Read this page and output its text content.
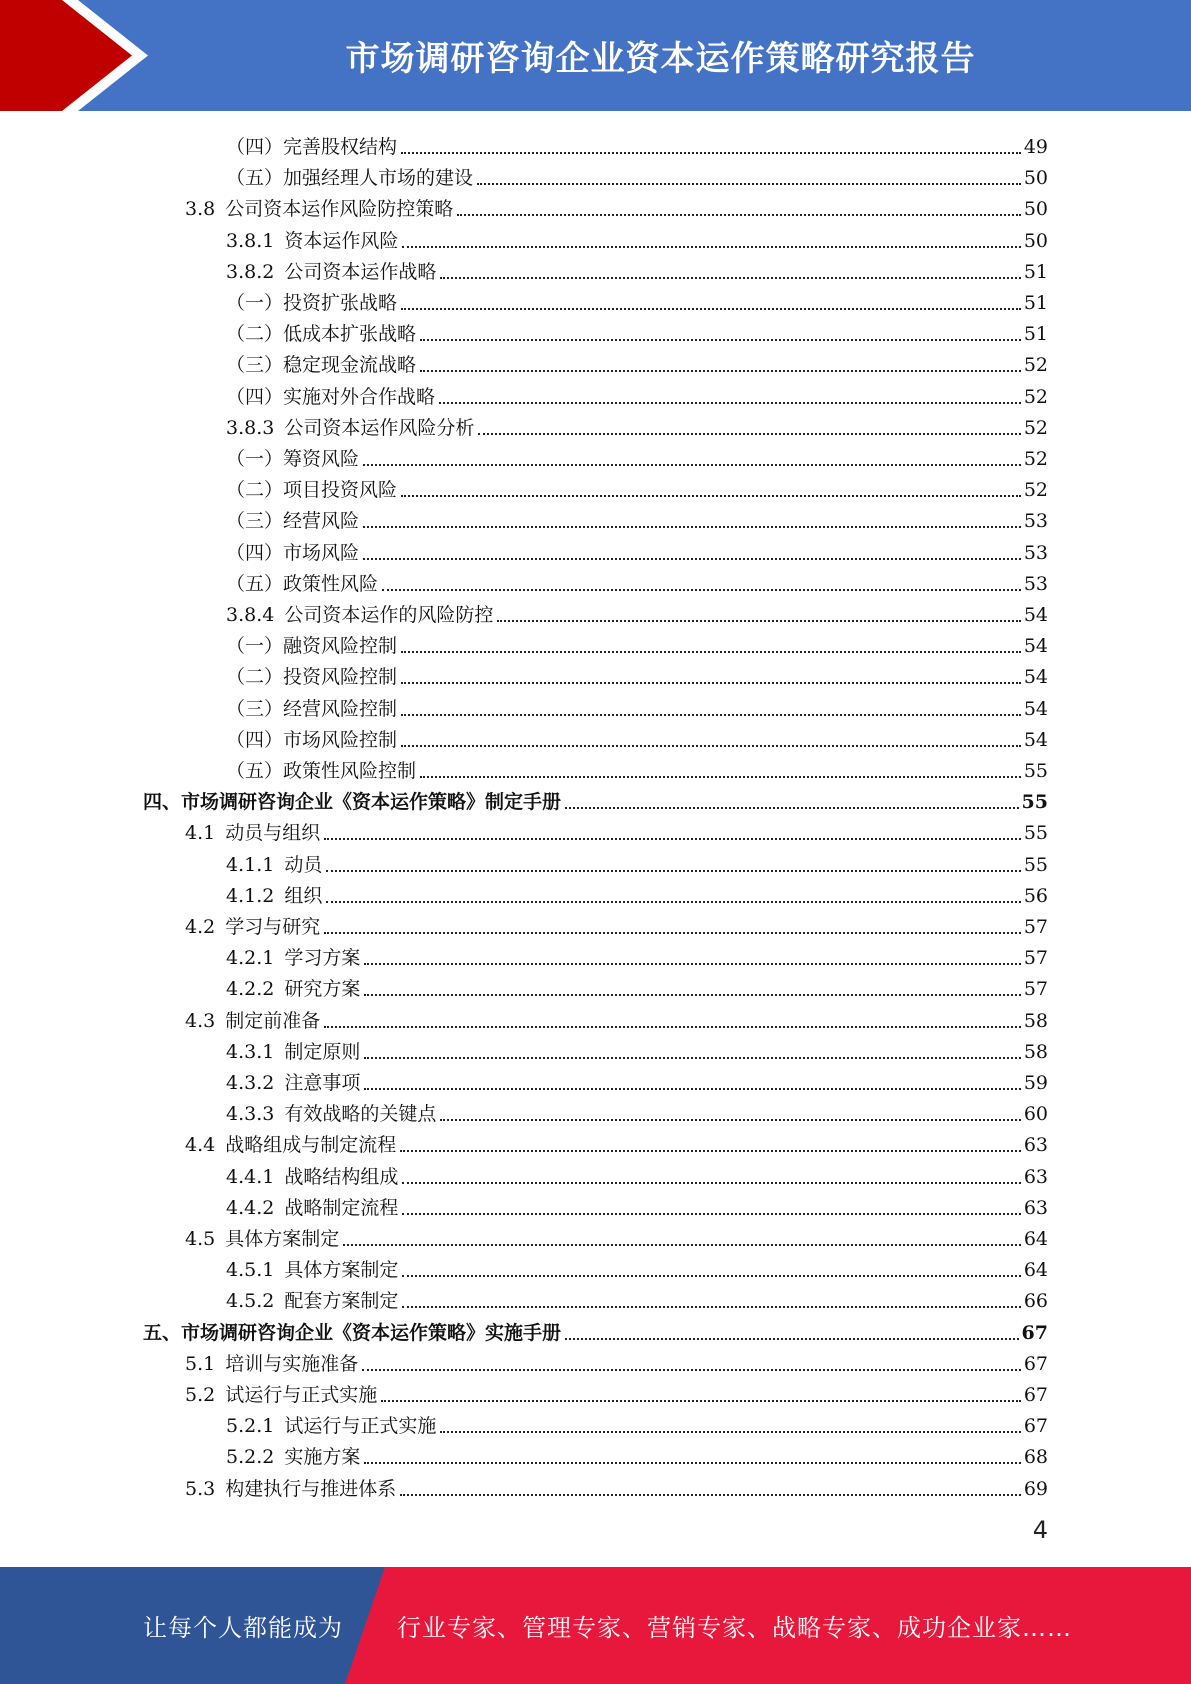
市场调研咨询企业资本运作策略研究报告
（四）完善股权结构	49
（五）加强经理人市场的建设	50
3.8 公司资本运作风险防控策略	50
3.8.1 资本运作风险	50
3.8.2 公司资本运作战略	51
（一）投资扩张战略	51
（二）低成本扩张战略	51
（三）稳定现金流战略	52
（四）实施对外合作战略	52
3.8.3 公司资本运作风险分析	52
（一）筹资风险	52
（二）项目投资风险	52
（三）经营风险	53
（四）市场风险	53
（五）政策性风险	53
3.8.4 公司资本运作的风险防控	54
（一）融资风险控制	54
（二）投资风险控制	54
（三）经营风险控制	54
（四）市场风险控制	54
（五）政策性风险控制	55
四、市场调研咨询企业《资本运作策略》制定手册	55
4.1 动员与组织	55
4.1.1 动员	55
4.1.2 组织	56
4.2 学习与研究	57
4.2.1 学习方案	57
4.2.2 研究方案	57
4.3 制定前准备	58
4.3.1 制定原则	58
4.3.2 注意事项	59
4.3.3 有效战略的关键点	60
4.4 战略组成与制定流程	63
4.4.1 战略结构组成	63
4.4.2 战略制定流程	63
4.5 具体方案制定	64
4.5.1 具体方案制定	64
4.5.2 配套方案制定	66
五、市场调研咨询企业《资本运作策略》实施手册	67
5.1 培训与实施准备	67
5.2 试运行与正式实施	67
5.2.1 试运行与正式实施	67
5.2.2 实施方案	68
5.3 构建执行与推进体系	69
4
让每个人都能成为 行业专家、管理专家、营销专家、战略专家、成功企业家……
